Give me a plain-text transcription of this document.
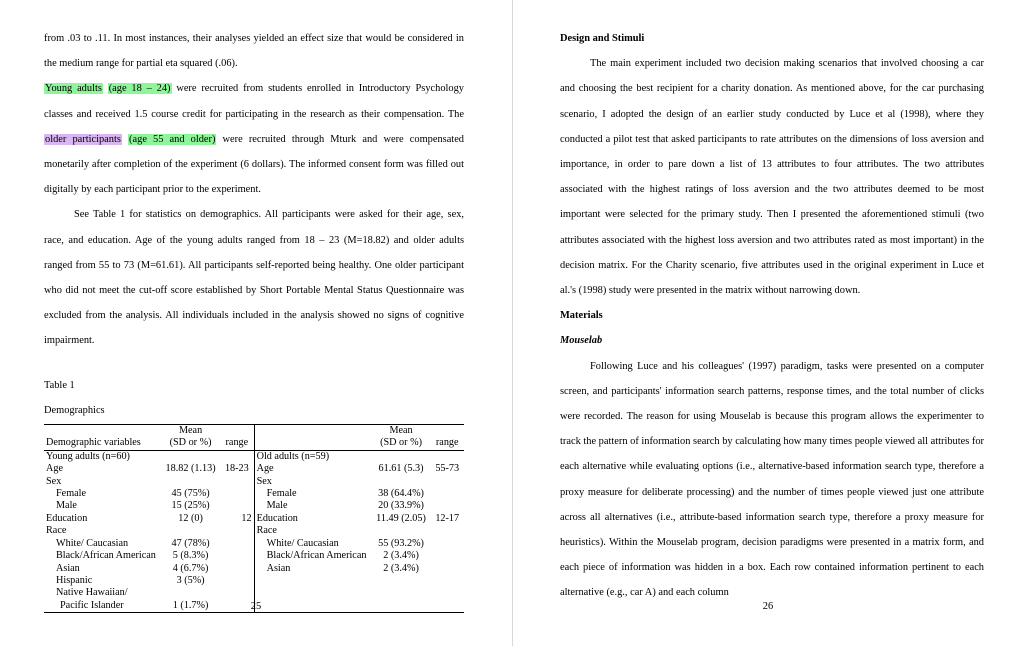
from .03 to .11. In most instances, their analyses yielded an effect size that would be considered in the medium range for partial eta squared (.06).

Young adults (age 18 – 24) were recruited from students enrolled in Introductory Psychology classes and received 1.5 course credit for participating in the research as their compensation. The older participants (age 55 and older) were recruited through Mturk and were compensated monetarily after completion of the experiment (6 dollars). The informed consent form was filled out digitally by each participant prior to the experiment.

See Table 1 for statistics on demographics. All participants were asked for their age, sex, race, and education. Age of the young adults ranged from 18 – 23 (M=18.82) and older adults ranged from 55 to 73 (M=61.61). All participants self-reported being healthy. One older participant who did not meet the cut-off score established by Short Portable Mental Status Questionnaire was excluded from the analysis. All individuals included in the analysis showed no signs of cognitive impairment.

Table 1

Demographics

	Mean			Mean	
Demographic variables	(SD or %)	range		(SD or %)	range
Young adults (n=60)			Old adults (n=59)		
Age	18.82 (1.13)	18-23	Age	61.61 (5.3)	55-73
Sex			Sex		
Female	45 (75%)		Female	38 (64.4%)	
Male	15 (25%)		Male	20 (33.9%)	
Education	12 (0)	12	Education	11.49 (2.05)	12-17
Race			Race		
White/ Caucasian	47 (78%)		White/ Caucasian	55 (93.2%)	
Black/African American	5 (8.3%)		Black/African American	2 (3.4%)	
Asian	4 (6.7%)		Asian	2 (3.4%)	
Hispanic	3 (5%)				
Native Hawaiian/					
Pacific Islander	1 (1.7%)					25

Design and Stimuli

The main experiment included two decision making scenarios that involved choosing a car and choosing the best recipient for a charity donation. As mentioned above, for the car purchasing scenario, I adopted the design of an earlier study conducted by Luce et al (1998), where they conducted a pilot test that asked participants to rate attributes on the dimensions of loss aversion and importance, in order to pare down a list of 13 attributes to four attributes. The two attributes associated with the highest ratings of loss aversion and the two attributes deemed to be most important were selected for the primary study. Then I presented the aforementioned stimuli (two attributes associated with the highest loss aversion and two attributes rated as most important) in the decision matrix. For the Charity scenario, five attributes used in the original experiment in Luce et al.'s (1998) study were presented in the matrix without narrowing down.

Materials

Mouselab

Following Luce and his colleagues' (1997) paradigm, tasks were presented on a computer screen, and participants' information search patterns, response times, and the total number of clicks were recorded. The reason for using Mouselab is because this program allows the experimenter to track the pattern of information search by calculating how many times people viewed all attributes for each alternative while evaluating options (i.e., alternative-based information search type, therefore a proxy measure for deliberate processing) and the number of times people viewed just one attribute across all alternatives (i.e., attribute-based information search type, therefore a proxy measure for heuristics). Within the Mouselab program, decision paradigms were presented in a matrix form, and each piece of information was hidden in a box. Each row contained information pertinent to each alternative (e.g., car A) and each column

26
